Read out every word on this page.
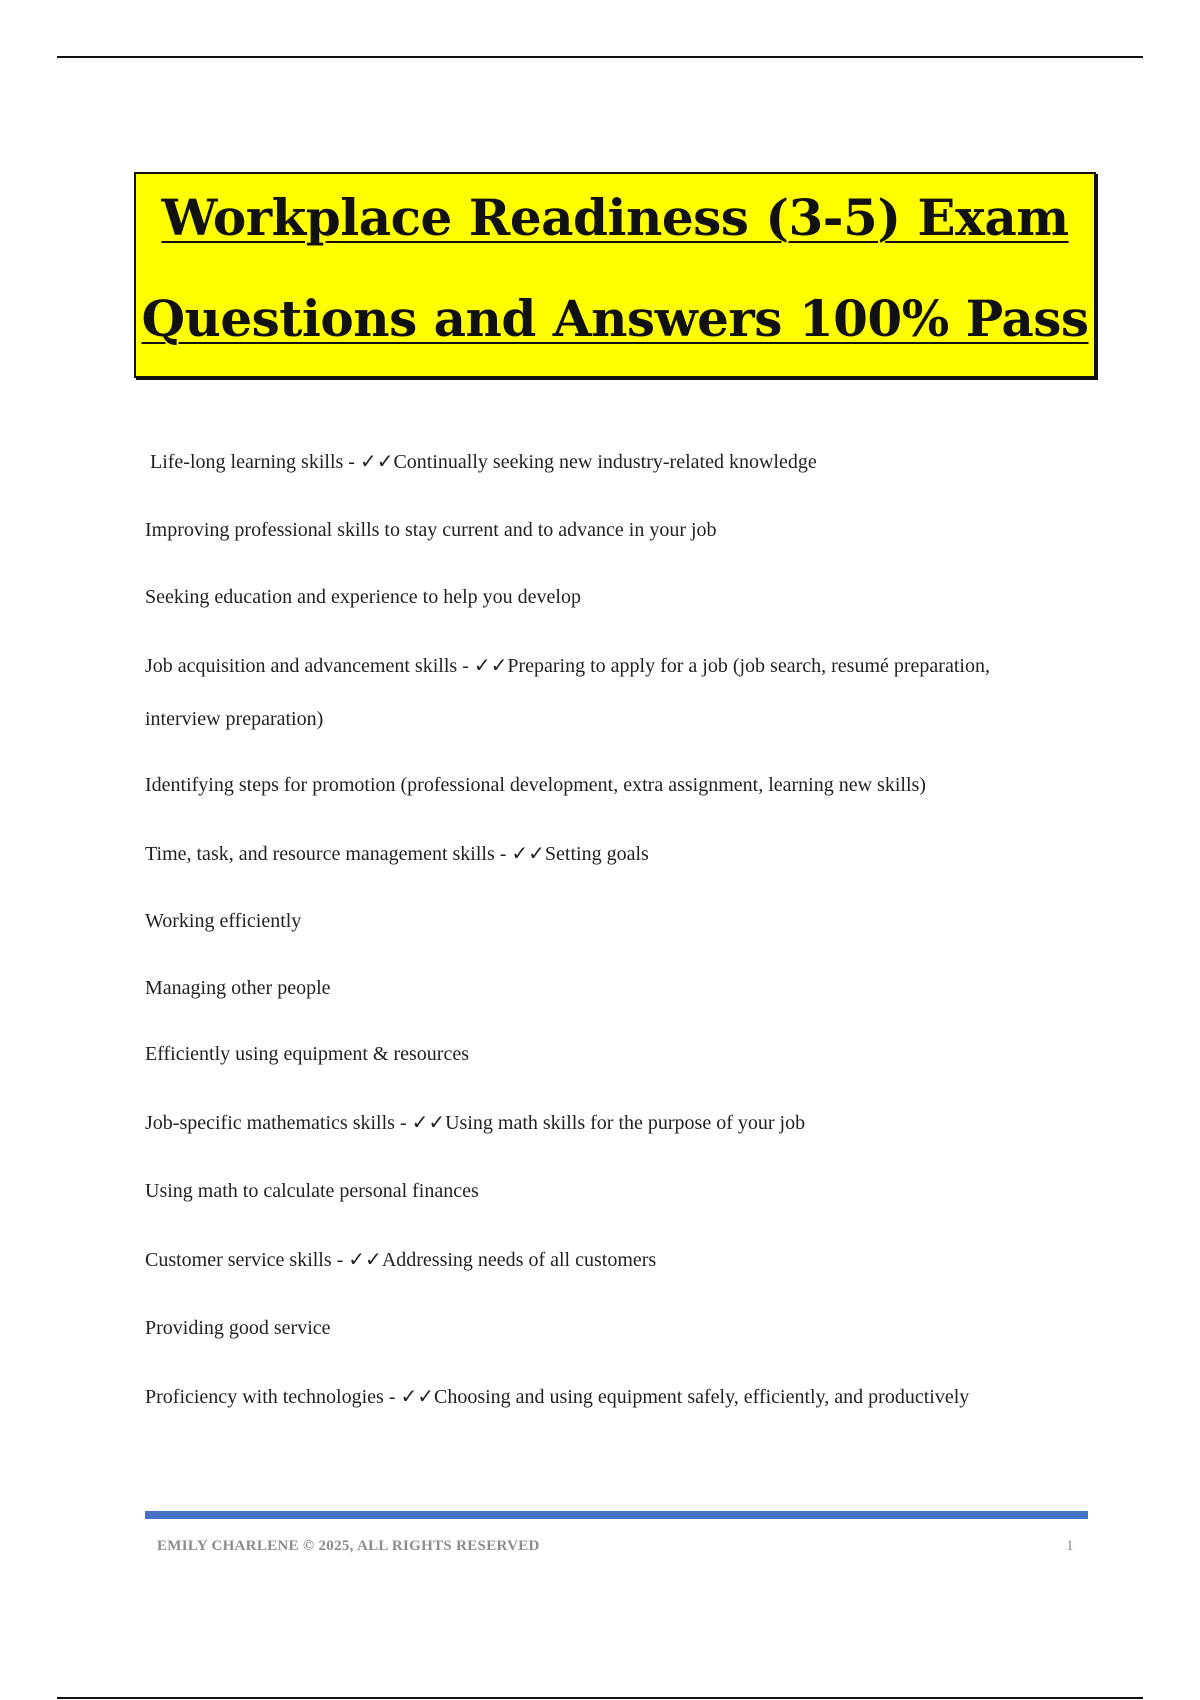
Workplace Readiness (3-5) Exam
Questions and Answers 100% Pass
Life-long learning skills - ✓✓Continually seeking new industry-related knowledge
Improving professional skills to stay current and to advance in your job
Seeking education and experience to help you develop
Job acquisition and advancement skills - ✓✓Preparing to apply for a job (job search, resumé preparation,
interview preparation)
Identifying steps for promotion (professional development, extra assignment, learning new skills)
Time, task, and resource management skills - ✓✓Setting goals
Working efficiently
Managing other people
Efficiently using equipment & resources
Job-specific mathematics skills - ✓✓Using math skills for the purpose of your job
Using math to calculate personal finances
Customer service skills - ✓✓Addressing needs of all customers
Providing good service
Proficiency with technologies - ✓✓Choosing and using equipment safely, efficiently, and productively
EMILY CHARLENE © 2025, ALL RIGHTS RESERVED	1
